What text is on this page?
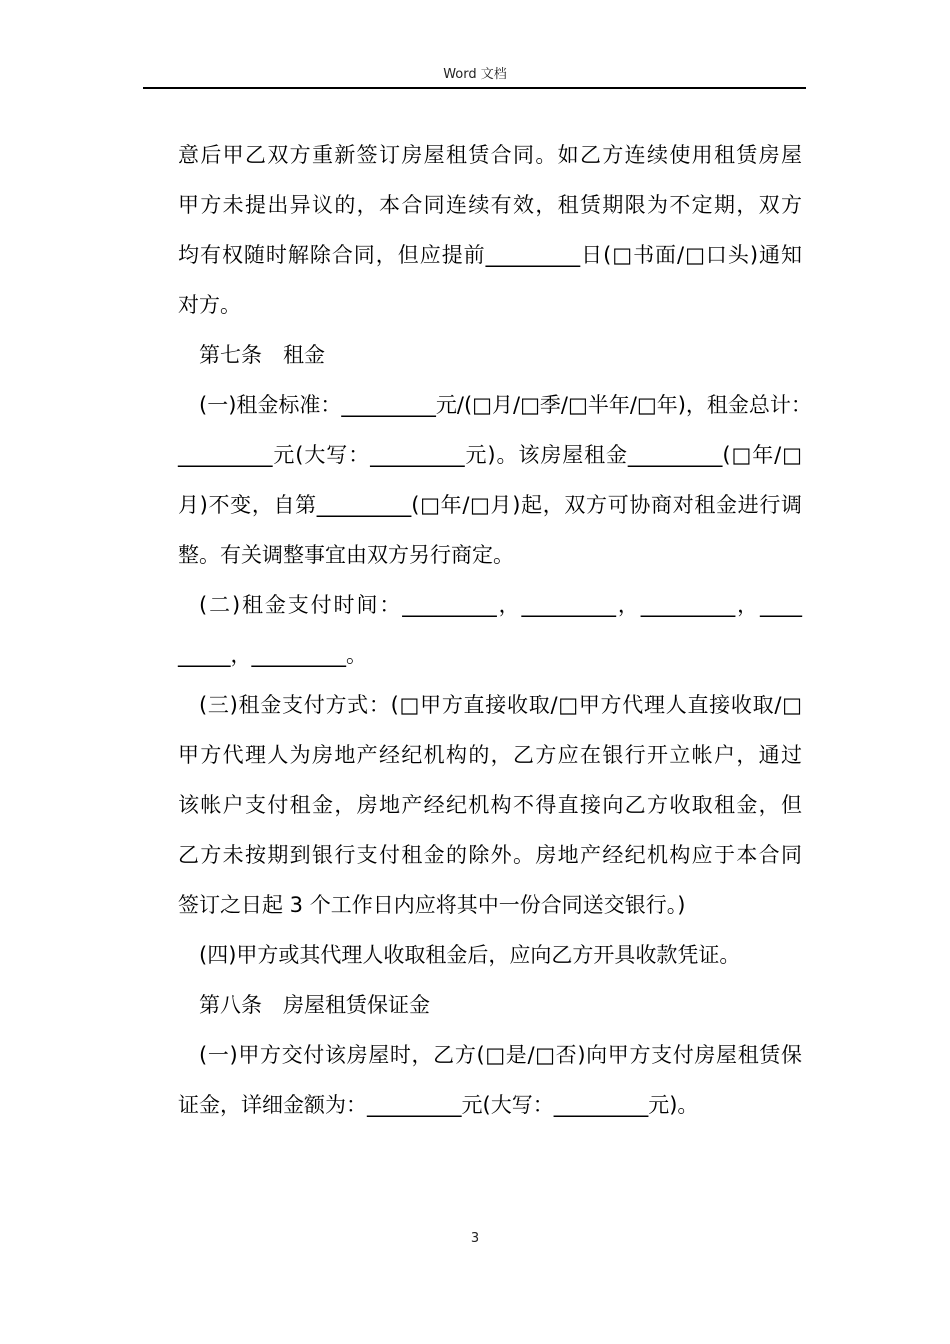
Word 文档
意后甲乙双方重新签订房屋租赁合同。如乙方连续使用租赁房屋
甲方未提出异议的，本合同连续有效，租赁期限为不定期，双方
均有权随时解除合同，但应提前_________日(□书面/□口头)通知
对方。
第七条　租金
(一)租金标准：_________元/(□月/□季/□半年/□年)，租金总计：
_________元(大写：_________元)。该房屋租金_________(□年/□
月)不变，自第_________(□年/□月)起，双方可协商对租金进行调
整。有关调整事宜由双方另行商定。
(二)租金支付时间：_________，_________，_________，____
_____，_________。
(三)租金支付方式：(□甲方直接收取/□甲方代理人直接收取/□
甲方代理人为房地产经纪机构的，乙方应在银行开立帐户，通过
该帐户支付租金，房地产经纪机构不得直接向乙方收取租金，但
乙方未按期到银行支付租金的除外。房地产经纪机构应于本合同
签订之日起 3 个工作日内应将其中一份合同送交银行。)
(四)甲方或其代理人收取租金后，应向乙方开具收款凭证。
第八条　房屋租赁保证金
(一)甲方交付该房屋时，乙方(□是/□否)向甲方支付房屋租赁保
证金，详细金额为：_________元(大写：_________元)。
3
